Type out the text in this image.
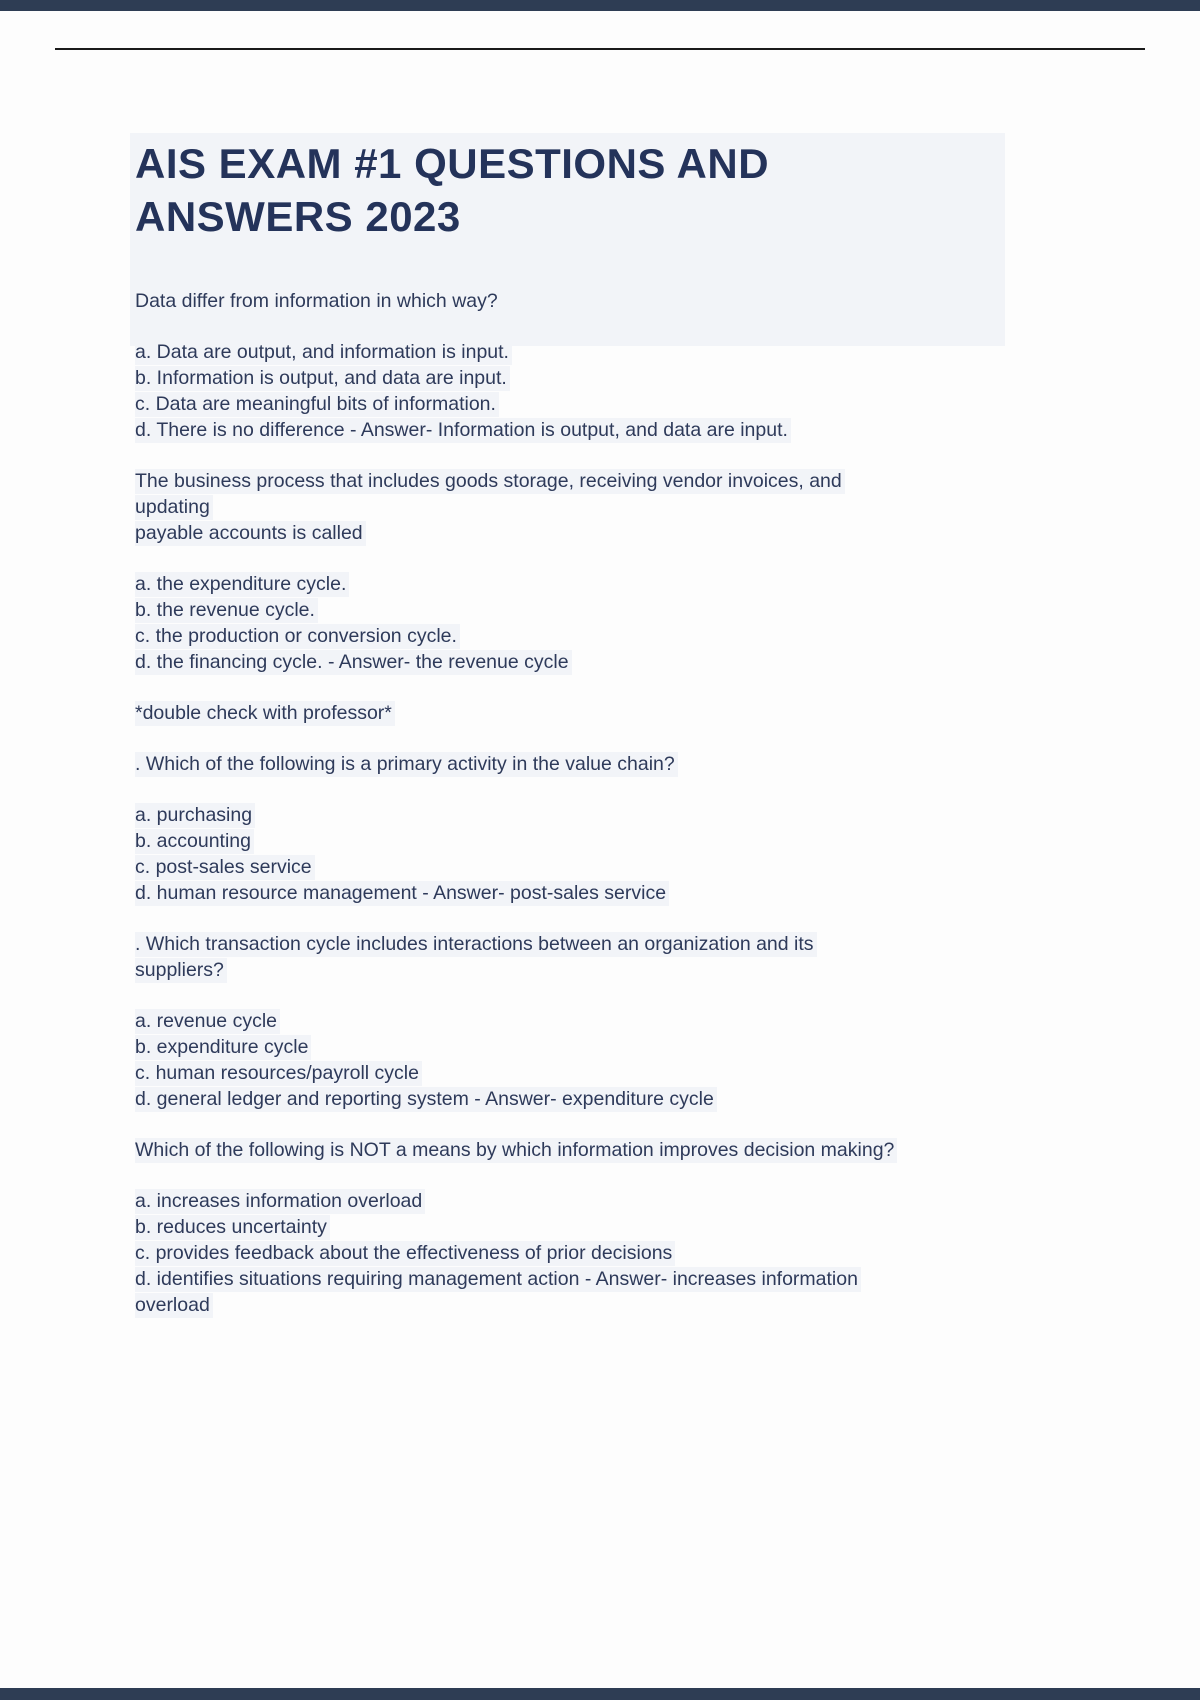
AIS EXAM #1 QUESTIONS AND
ANSWERS 2023
Data differ from information in which way?
a. Data are output, and information is input.
b. Information is output, and data are input.
c. Data are meaningful bits of information.
d. There is no difference - Answer- Information is output, and data are input.
The business process that includes goods storage, receiving vendor invoices, and
updating
payable accounts is called
a. the expenditure cycle.
b. the revenue cycle.
c. the production or conversion cycle.
d. the financing cycle. - Answer- the revenue cycle
*double check with professor*
. Which of the following is a primary activity in the value chain?
a. purchasing
b. accounting
c. post-sales service
d. human resource management - Answer- post-sales service
. Which transaction cycle includes interactions between an organization and its
suppliers?
a. revenue cycle
b. expenditure cycle
c. human resources/payroll cycle
d. general ledger and reporting system - Answer- expenditure cycle
Which of the following is NOT a means by which information improves decision making?
a. increases information overload
b. reduces uncertainty
c. provides feedback about the effectiveness of prior decisions
d. identifies situations requiring management action - Answer- increases information
overload
